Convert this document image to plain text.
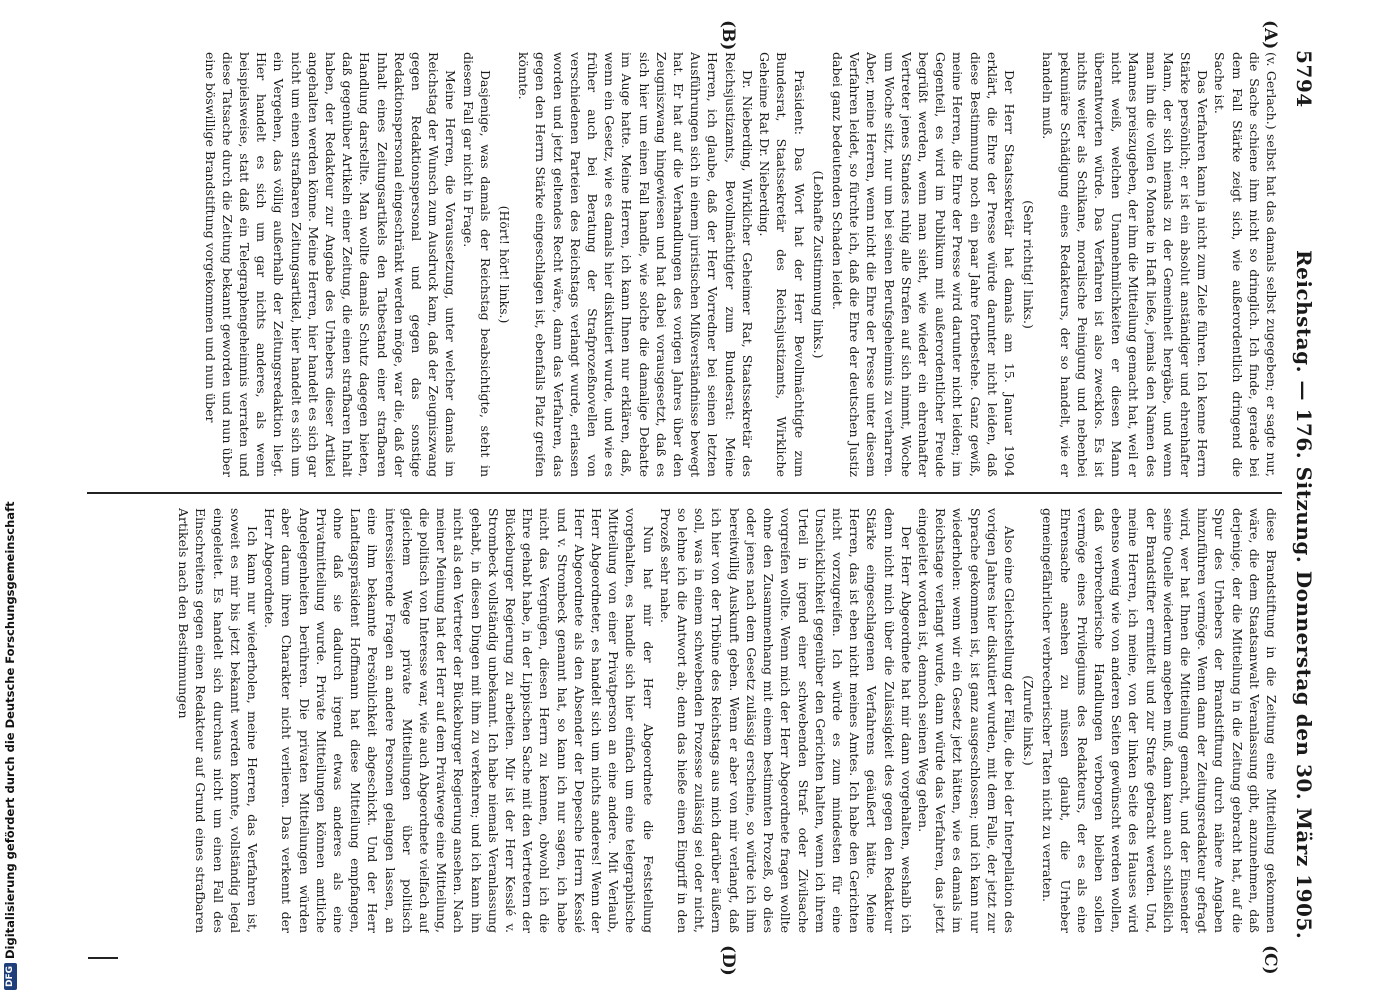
5794
Reichstag. — 176. Sitzung. Donnerstag den 30. März 1905.
(A)
(B)
(C)
(D)

(v. Gerlach.) selbst hat das damals selbst zugegeben; er sagte nur, die Sache schiene ihm nicht so dringlich. Ich finde, gerade bei dem Fall Stärke zeigt sich, wie außerordentlich dringend die Sache ist.

Das Verfahren kann ja nicht zum Ziele führen. Ich kenne Herrn Stärke persönlich; er ist ein absolut anständiger und ehrenhafter Mann, der sich niemals zu der Gemeinheit hergäbe, und wenn man ihn die vollen 6 Monate in Haft ließe, jemals den Namen des Mannes preiszugeben, der ihm die Mitteilung gemacht hat, weil er nicht weiß, welchen Unannehmlichkeiten er diesen Mann überantworten würde. Das Verfahren ist also zwecklos. Es ist nichts weiter als Schikane, moralische Peinigung und nebenbei pekuniäre Schädigung eines Redakteurs, der so handelt, wie er handeln muß.

(Sehr richtig! links.)

Der Herr Staatssekretär hat damals am 15. Januar 1904 erklärt, die Ehre der Presse würde darunter nicht leiden, daß diese Bestimmung noch ein paar Jahre fortbestehe. Ganz gewiß, meine Herren, die Ehre der Presse wird darunter nicht leiden; im Gegenteil, es wird im Publikum mit außerordentlicher Freude begrüßt werden, wenn man sieht, wie wieder ein ehrenhafter Vertreter jenes Standes ruhig alle Strafen auf sich nimmt, Woche um Woche sitzt, nur um bei seinen Berufsgeheimnis zu verharren. Aber, meine Herren, wenn nicht die Ehre der Presse unter diesem Verfahren leidet, so fürchte ich, daß die Ehre der deutschen Justiz dabei ganz bedeutenden Schaden leidet.

(Lebhafte Zustimmung links.)

Präsident: Das Wort hat der Herr Bevollmächtigte zum Bundesrat, Staatssekretär des Reichsjustizamts, Wirkliche Geheime Rat Dr. Nieberding.

Dr. Nieberding, Wirklicher Geheimer Rat, Staatssekretär des Reichsjustizamts, Bevollmächtigter zum Bundesrat: Meine Herren, ich glaube, daß der Herr Vorredner bei seinen letzten Ausführungen sich in einem juristischen Mißverständnisse bewegt hat. Er hat auf die Verhandlungen des vorigen Jahres über den Zeugniszwang hingewiesen und hat dabei vorausgesetzt, daß es sich hier um einen Fall handle, wie solche die damalige Debatte im Auge hatte. Meine Herren, ich kann Ihnen nur erklären, daß, wenn ein Gesetz, wie es damals hier diskutiert wurde, und wie es früher auch bei Beratung der Strafprozeßnovellen von verschiedenen Parteien des Reichstags verlangt wurde, erlassen worden und jetzt geltendes Recht wäre, dann das Verfahren, das gegen den Herrn Stärke eingeschlagen ist, ebenfalls Platz greifen könnte.

(Hört! hört! links.)

Dasjenige, was damals der Reichstag beabsichtigte, steht in diesem Fall gar nicht in Frage.

Meine Herren, die Voraussetzung, unter welcher damals im Reichstag der Wunsch zum Ausdruck kam, daß der Zeugniszwang gegen Redaktionspersonal und gegen das sonstige Redaktionspersonal eingeschränkt werden möge, war die, daß der Inhalt eines Zeitungsartikels den Tatbestand einer strafbaren Handlung darstellte. Man wollte damals Schutz dagegen bieten, daß gegenüber Artikeln einer Zeitung, die einen strafbaren Inhalt haben, der Redakteur zur Angabe des Urhebers dieser Artikel angehalten werden könne. Meine Herren, hier handelt es sich gar nicht um einen strafbaren Zeitungsartikel, hier handelt es sich um ein Vergehen, das völlig außerhalb der Zeitungsredaktion liegt. Hier handelt es sich um gar nichts anderes, als wenn beispielsweise, statt daß ein Telegraphengeheimnis verraten und diese Tatsache durch die Zeitung bekannt geworden und nun über eine böswillige Brandstiftung vorgekommen und nun über

diese Brandstiftung in die Zeitung eine Mitteilung gekommen wäre, die dem Staatsanwalt Veranlassung gibt, anzunehmen, daß derjenige, der die Mitteilung in die Zeitung gebracht hat, auf die Spur des Urhebers der Brandstiftung durch nähere Angaben hinzuführen vermöge. Wenn dann der Zeitungsredakteur gefragt wird, wer hat Ihnen die Mitteilung gemacht, und der Einsender seine Quelle wiederum angeben muß, dann kann auch schließlich der Brandstifter ermittelt und zur Strafe gebracht werden. Und, meine Herren, ich meine, von der linken Seite des Hauses wird ebenso wenig wie von anderen Seiten gewünscht werden wollen, daß verbrecherische Handlungen verborgen bleiben sollen vermöge eines Privilegiums des Redakteurs, der es als eine Ehrensache ansehen zu müssen glaubt, die Urheber gemeingefährlicher verbrecherischer Taten nicht zu verraten.

(Zurufe links.)

Also eine Gleichstellung der Fälle, die bei der Interpellation des vorigen Jahres hier diskutiert wurden, mit dem Falle, der jetzt zur Sprache gekommen ist, ist ganz ausgeschlossen; und ich kann nur wiederholen: wenn wir ein Gesetz jetzt hätten, wie es damals im Reichstage verlangt wurde, dann würde das Verfahren, das jetzt eingeleitet worden ist, dennoch seinen Weg gehen.

Der Herr Abgeordnete hat mir dann vorgehalten, weshalb ich denn nicht mich über die Zulässigkeit des gegen den Redakteur Stärke eingeschlagenen Verfahrens geäußert hätte. Meine Herren, das ist eben nicht meines Amtes. Ich habe den Gerichten nicht vorzugreifen. Ich würde es zum mindesten für eine Unschicklichkeit gegenüber den Gerichten halten, wenn ich ihrem Urteil in irgend einer schwebenden Straf- oder Zivilsache vorgreifen wollte. Wenn mich der Herr Abgeordnete fragen wollte ohne den Zusammenhang mit einem bestimmten Prozeß, ob dies oder jenes nach dem Gesetz zulässig erscheine, so würde ich ihm bereitwillig Auskunft geben. Wenn er aber von mir verlangt, daß ich hier von der Tribüne des Reichstags aus mich darüber äußern soll, was in einem schwebenden Prozesse zulässig sei oder nicht, so lehne ich die Antwort ab; denn das hieße einen Eingriff in den Prozeß sehr nahe.

Nun hat mir der Herr Abgeordnete die Feststellung vorgehalten, es handle sich hier einfach um eine telegraphische Mitteilung von einer Privatperson an eine andere. Mit Verlaub, Herr Abgeordneter, es handelt sich um nichts anderes! Wenn der Herr Abgeordnete als den Absender der Depesche Herrn Kesslé und v. Strombeck genannt hat, so kann ich nur sagen, ich habe nicht das Vergnügen, diesen Herrn zu kennen, obwohl ich die Ehre gehabt habe, in der Lippischen Sache mit den Vertretern der Bückeburger Regierung zu arbeiten. Mir ist der Herr Kesslé v. Strombeck vollständig unbekannt. Ich habe niemals Veranlassung gehabt, in diesen Dingen mit ihm zu verkehren; und ich kann ihn nicht als den Vertreter der Bückeburger Regierung ansehen. Nach meiner Meinung hat der Herr auf dem Privatwege eine Mitteilung, die politisch von Interesse war, wie auch Abgeordnete vielfach auf gleichem Wege private Mitteilungen über politisch interessierende Fragen an andere Personen gelangen lassen, an eine ihm bekannte Persönlichkeit abgeschickt. Und der Herr Landtagspräsident Hoffmann hat diese Mitteilung empfangen, ohne daß sie dadurch irgend etwas anderes als eine Privatmitteilung wurde. Private Mitteilungen können amtliche Angelegenheiten berühren. Die privaten Mitteilungen würden aber darum ihren Charakter nicht verlieren. Das verkennt der Herr Abgeordnete.

Ich kann nur wiederholen, meine Herren, das Verfahren ist, soweit es mir bis jetzt bekannt werden konnte, vollständig legal eingeleitet. Es handelt sich durchaus nicht um einen Fall des Einschreitens gegen einen Redakteur auf Grund eines strafbaren Artikels nach den Bestimmungen

DFG
Digitalisierung gefördert durch die Deutsche Forschungsgemeinschaft
